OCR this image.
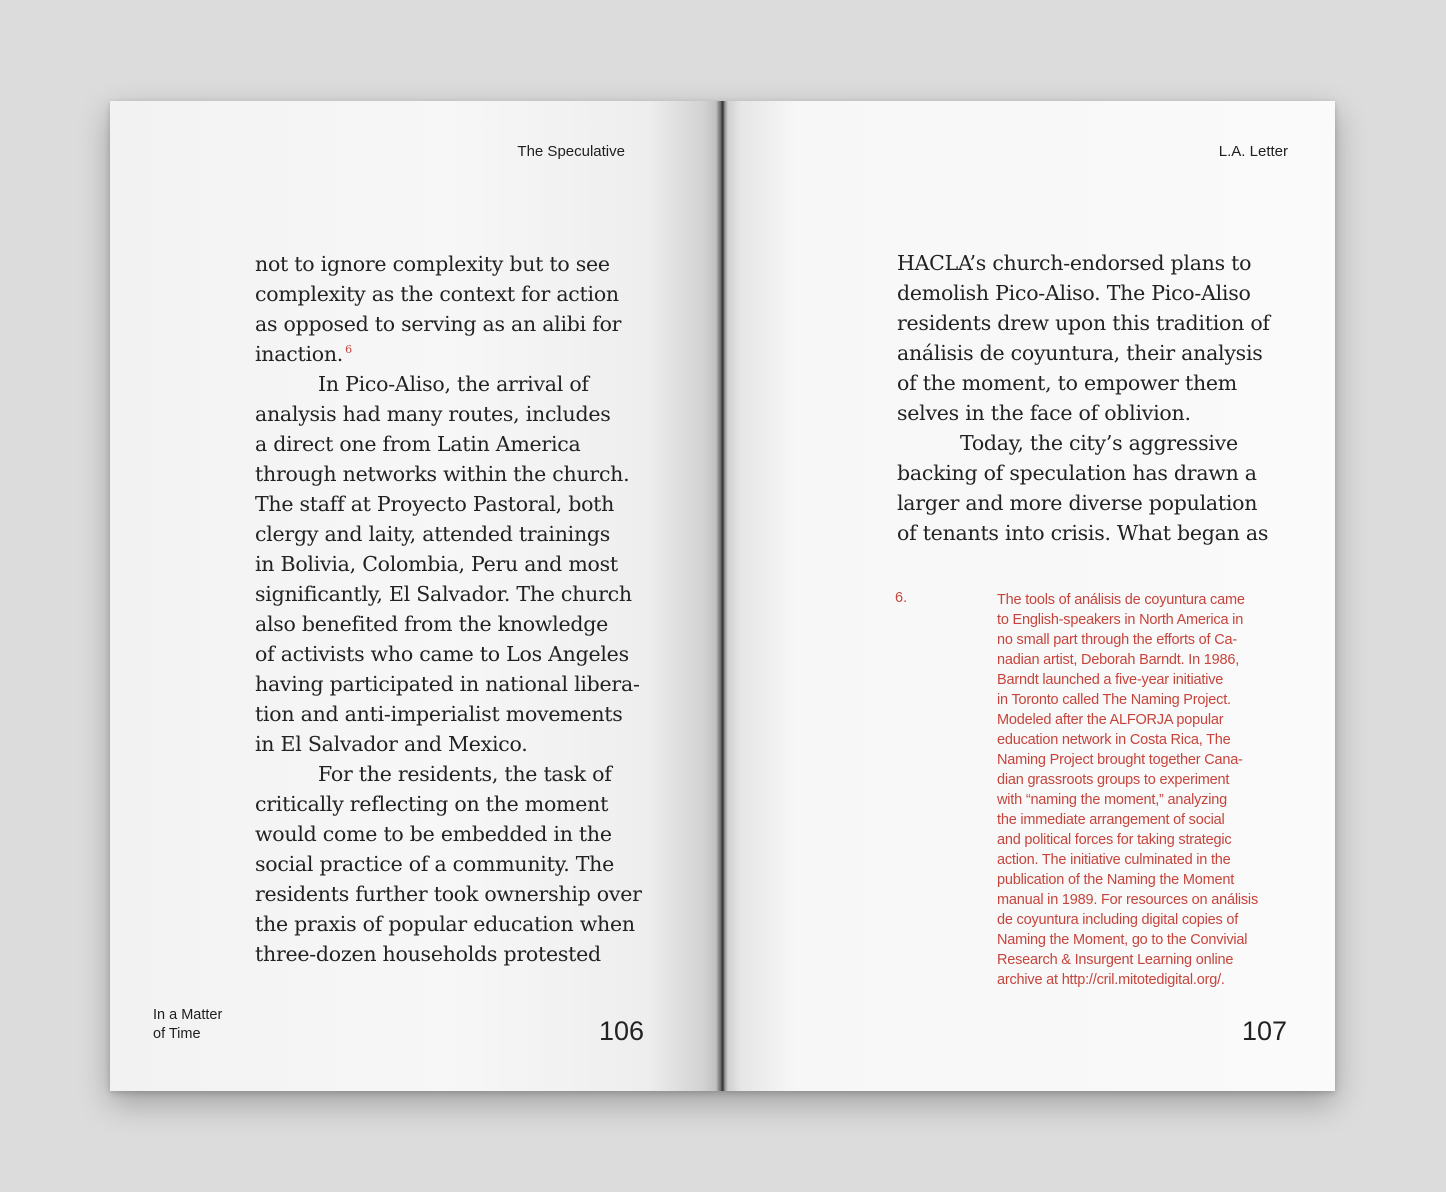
The Speculative
not to ignore complexity but to see
complexity as the context for action
as opposed to serving as an alibi for
inaction. $^6$
In Pico-Aliso, the arrival of
analysis had many routes, includes
a direct one from Latin America
through networks within the church.
The staff at Proyecto Pastoral, both
clergy and laity, attended trainings
in Bolivia, Colombia, Peru and most
significantly, El Salvador. The church
also benefited from the knowledge
of activists who came to Los Angeles
having participated in national libera-
tion and anti-imperialist movements
in El Salvador and Mexico.
For the residents, the task of
critically reflecting on the moment
would come to be embedded in the
social practice of a community. The
residents further took ownership over
the praxis of popular education when
three-dozen households protested
In a Matter
of Time	106
L.A. Letter
HACLA’s church-endorsed plans to
demolish Pico-Aliso. The Pico-Aliso
residents drew upon this tradition of
análisis de coyuntura, their analysis
of the moment, to empower them
selves in the face of oblivion.
Today, the city’s aggressive
backing of speculation has drawn a
larger and more diverse population
of tenants into crisis. What began as
107
6.	The tools of análisis de coyuntura came
to English-speakers in North America in
no small part through the efforts of Ca-
nadian artist, Deborah Barndt. In 1986,
Barndt launched a five-year initiative
in Toronto called The Naming Project.
Modeled after the ALFORJA popular
education network in Costa Rica, The
Naming Project brought together Cana-
dian grassroots groups to experiment
with “naming the moment,” analyzing
the immediate arrangement of social
and political forces for taking strategic
action. The initiative culminated in the
publication of the Naming the Moment
manual in 1989. For resources on análisis
de coyuntura including digital copies of
Naming the Moment, go to the Convivial
Research & Insurgent Learning online
archive at http://cril.mitotedigital.org/.
